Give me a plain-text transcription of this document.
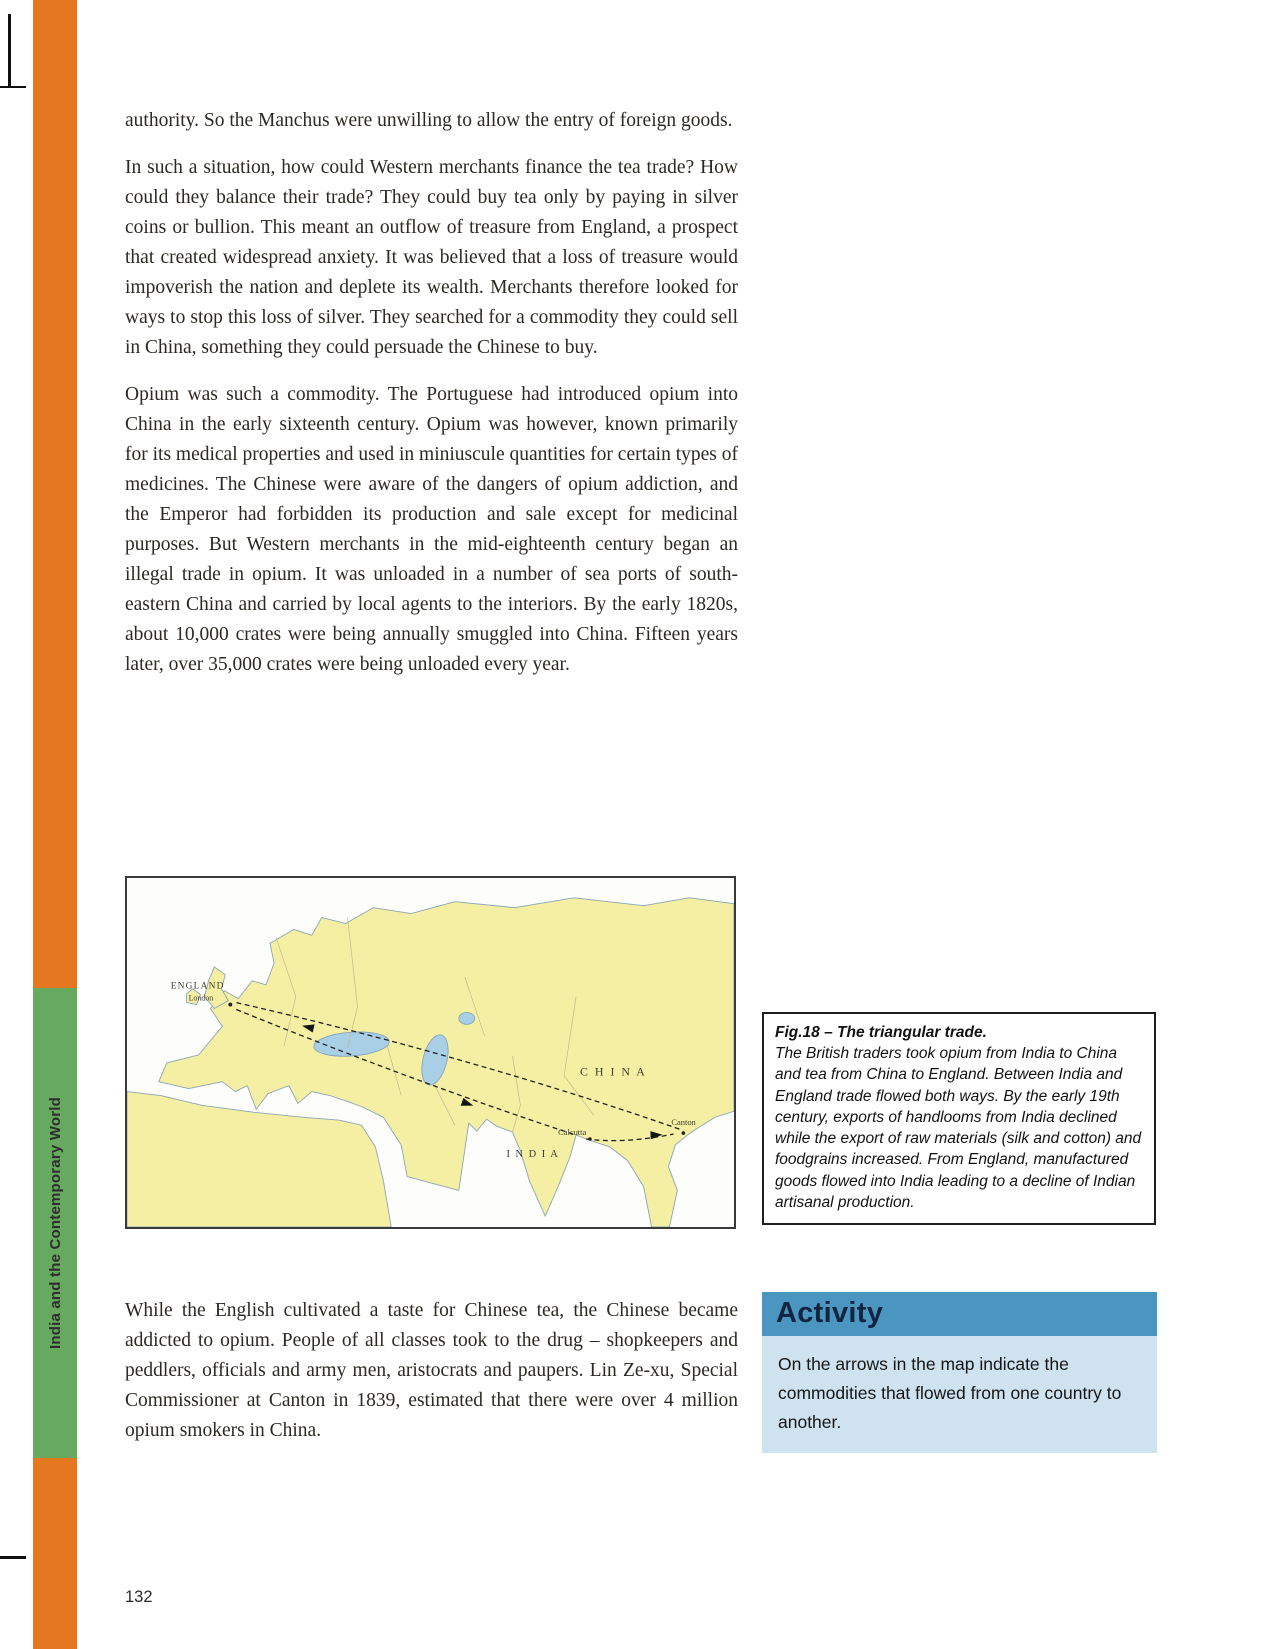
India and the Contemporary World

authority. So the Manchus were unwilling to allow the entry of foreign goods.

In such a situation, how could Western merchants finance the tea trade? How could they balance their trade? They could buy tea only by paying in silver coins or bullion. This meant an outflow of treasure from England, a prospect that created widespread anxiety. It was believed that a loss of treasure would impoverish the nation and deplete its wealth. Merchants therefore looked for ways to stop this loss of silver. They searched for a commodity they could sell in China, something they could persuade the Chinese to buy.

Opium was such a commodity. The Portuguese had introduced opium into China in the early sixteenth century. Opium was however, known primarily for its medical properties and used in miniuscule quantities for certain types of medicines. The Chinese were aware of the dangers of opium addiction, and the Emperor had forbidden its production and sale except for medicinal purposes. But Western merchants in the mid-eighteenth century began an illegal trade in opium. It was unloaded in a number of sea ports of south-eastern China and carried by local agents to the interiors. By the early 1820s, about 10,000 crates were being annually smuggled into China. Fifteen years later, over 35,000 crates were being unloaded every year.

ENGLAND
London
C H I N A
I N D I A
Calcutta
Canton
Fig.18 – The triangular trade.
The British traders took opium from India to China and tea from China to England. Between India and England trade flowed both ways. By the early 19th century, exports of handlooms from India declined while the export of raw materials (silk and cotton) and foodgrains increased. From England, manufactured goods flowed into India leading to a decline of Indian artisanal production.

While the English cultivated a taste for Chinese tea, the Chinese became addicted to opium. People of all classes took to the drug – shopkeepers and peddlers, officials and army men, aristocrats and paupers. Lin Ze-xu, Special Commissioner at Canton in 1839, estimated that there were over 4 million opium smokers in China.

Activity
On the arrows in the map indicate the commodities that flowed from one country to another.
132
